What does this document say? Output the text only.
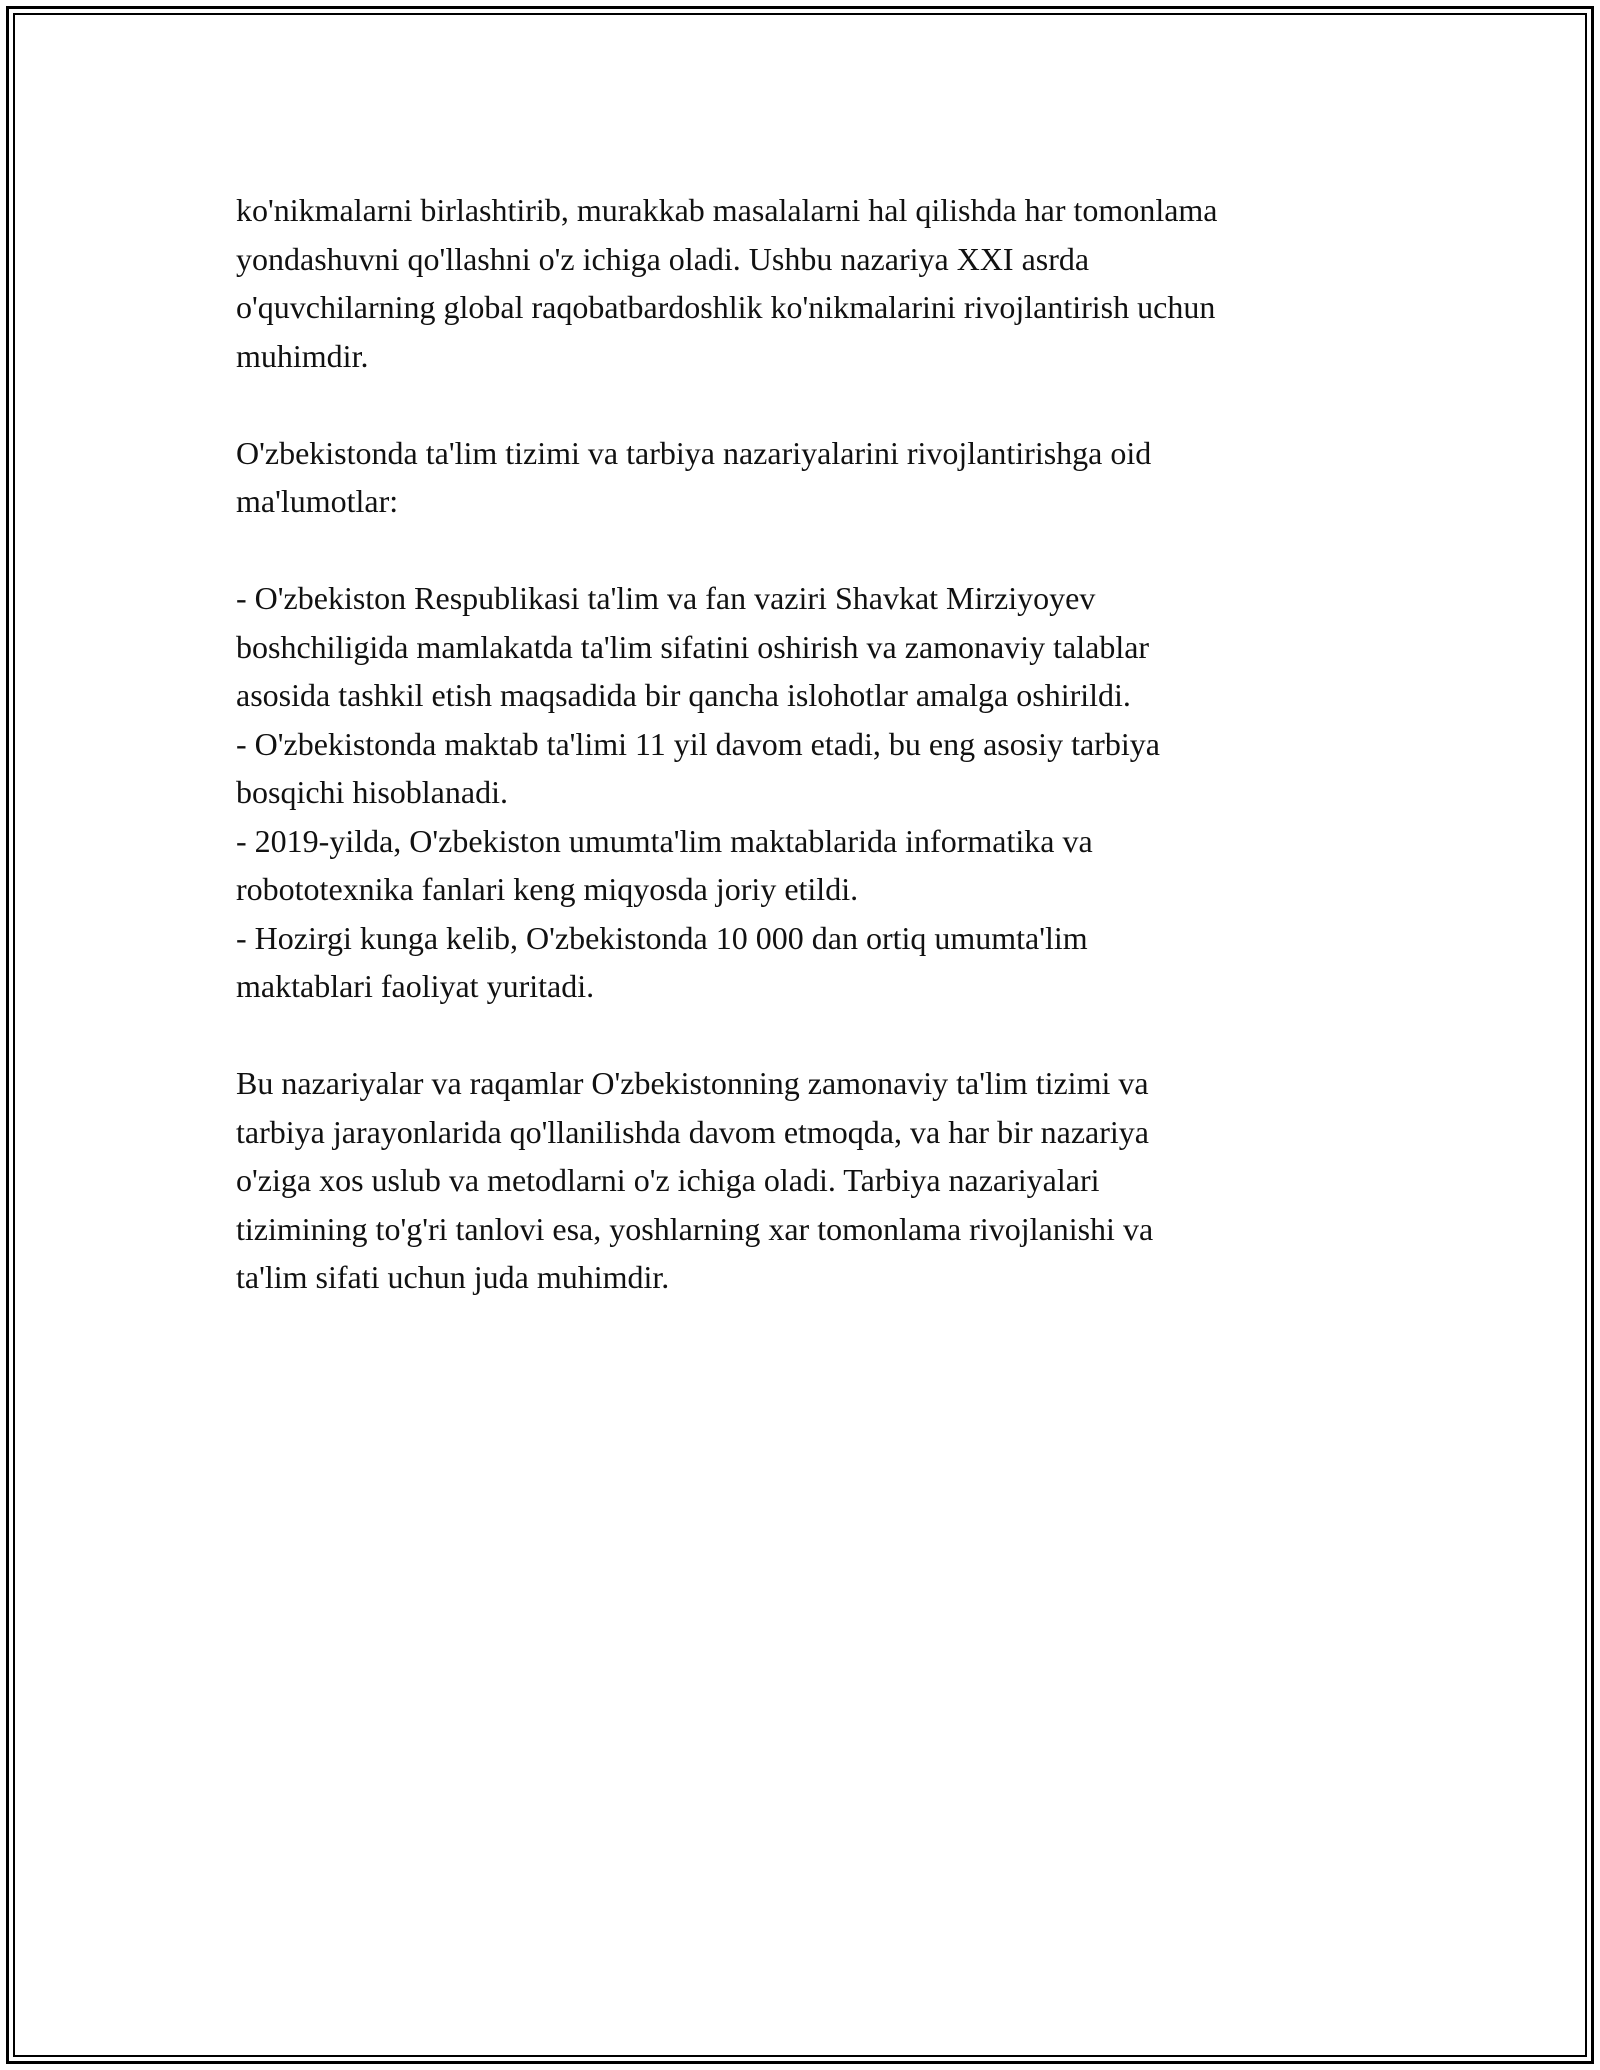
ko'nikmalarni birlashtirib, murakkab masalalarni hal qilishda har tomonlama
yondashuvni qo'llashni o'z ichiga oladi. Ushbu nazariya XXI asrda
o'quvchilarning global raqobatbardoshlik ko'nikmalarini rivojlantirish uchun
muhimdir.
O'zbekistonda ta'lim tizimi va tarbiya nazariyalarini rivojlantirishga oid
ma'lumotlar:
- O'zbekiston Respublikasi ta'lim va fan vaziri Shavkat Mirziyoyev
boshchiligida mamlakatda ta'lim sifatini oshirish va zamonaviy talablar
asosida tashkil etish maqsadida bir qancha islohotlar amalga oshirildi.
- O'zbekistonda maktab ta'limi 11 yil davom etadi, bu eng asosiy tarbiya
bosqichi hisoblanadi.
- 2019-yilda, O'zbekiston umumta'lim maktablarida informatika va
robototexnika fanlari keng miqyosda joriy etildi.
- Hozirgi kunga kelib, O'zbekistonda 10 000 dan ortiq umumta'lim
maktablari faoliyat yuritadi.
Bu nazariyalar va raqamlar O'zbekistonning zamonaviy ta'lim tizimi va
tarbiya jarayonlarida qo'llanilishda davom etmoqda, va har bir nazariya
o'ziga xos uslub va metodlarni o'z ichiga oladi. Tarbiya nazariyalari
tizimining to'g'ri tanlovi esa, yoshlarning xar tomonlama rivojlanishi va
ta'lim sifati uchun juda muhimdir.
